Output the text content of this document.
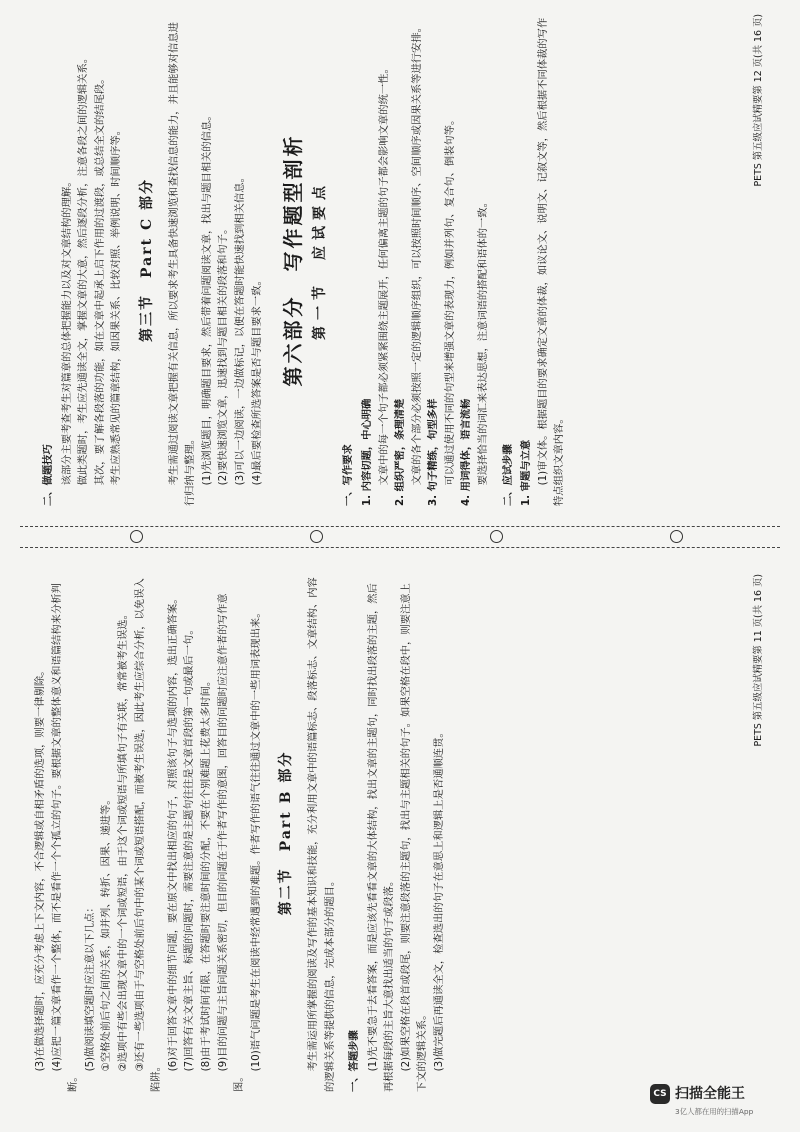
(3)在做选择题时，应充分考虑上下文内容，不合逻辑或自相矛盾的选项，则要一律剔除。 (4)应把一篇文章看作一个整体，而不是看作一个个孤立的句子。要根据文章的整体意义和语篇结构来分析判断。

(5)做阅读填空题时应注意以下几点： ①空格处前后句之间的关系，如并列、转折、因果、递进等。 ②选项中有些会出现文章中的一个词或短语，由于这个词或短语与所填句子有关联，常常被考生误选。 ③还有一些选项由于与空格处前后句中的某个词或短语搭配，而被考生误选，因此考生应综合分析，以免误入陷阱。

(6)对于回答文章中的细节问题，要在原文中找出相应的句子，对照该句子与选项的内容，选出正确答案。 (7)回答有关文章主旨、标题的问题时，需要注意的是主题句往往是文章首段的第一句或最后一句。 (8)由于考试时间有限，在答题时要注意时间的分配，不要在个别难题上花费太多时间。 (9)目的问题与主旨问题关系密切，但目的问题在于作者写作的意图，回答目的问题时应注意作者的写作意图。

(10)语气问题是考生在阅读中经常遇到的难题。作者写作的语气往往通过文章中的一些用词表现出来。 第二节　Part B 部分 考生需运用所掌握的阅读及写作的基本知识和技能，充分利用文章中的语篇标志、段落标志、文章结构、内容的逻辑关系等提供的信息，完成本部分的题目。 一、答题步骤 (1)先不要急于去看答案，而是应该先看看文章的大体结构，找出文章的主题句，同时找出段落的主题，然后再根据每段的主旨大意找出适当的句子或段落。 (2)如果空格在段首或段尾，则要注意段落的主题句，找出与主题相关的句子。如果空格在段中，则要注意上下文的逻辑关系。 (3)做完题后再通读全文，检查选出的句子在意思上和逻辑上是否通顺连贯。

PETS 第五级应试精要第 11 页(共 16 页)

二、做题技巧 该部分主要考查考生对篇章的总体把握能力以及对文章结构的理解。 做此类题时，考生应先通读全文，掌握文章的大意，然后逐段分析，注意各段之间的逻辑关系。 其次，要了解各段落的功能，如在文章中起承上启下作用的过渡段，或总结全文的结尾段。 考生应熟悉常见的篇章结构，如因果关系、比较对照、举例说明、时间顺序等。 第三节　Part C 部分 考生需通过阅读文章把握有关信息，所以要求考生具备快速浏览和查找信息的能力，并且能够对信息进行归纳与整理。 (1)先浏览题目，明确题目要求，然后带着问题阅读文章，找出与题目相关的信息。 (2)要快速浏览文章，迅速找到与题目相关的段落和句子。 (3)可以一边阅读，一边做标记，以便在答题时能快速找到相关信息。 (4)最后要检查所选答案是否与题目要求一致。 第六部分　写作题型剖析 第一节　应试要点

一、写作要求 1. 内容切题，中心明确 文章中的每一个句子都必须紧紧围绕主题展开，任何偏离主题的句子都会影响文章的统一性。 2. 组织严密，条理清楚 文章的各个部分必须按照一定的逻辑顺序组织，可以按照时间顺序、空间顺序或因果关系等进行安排。 3. 句子精练，句型多样 可以通过使用不同的句型来增强文章的表现力，例如并列句、复合句、倒装句等。 4. 用词得体，语言流畅 要选择恰当的词汇来表达思想，注意词语的搭配和语体的一致。 二、应试步骤 1. 审题与立意 (1)审文体。根据题目的要求确定文章的体裁，如议论文、说明文、记叙文等，然后根据不同体裁的写作特点组织文章内容。

PETS 第五级应试精要第 12 页(共 16 页)
CS 扫描全能王
3亿人都在用的扫描App
